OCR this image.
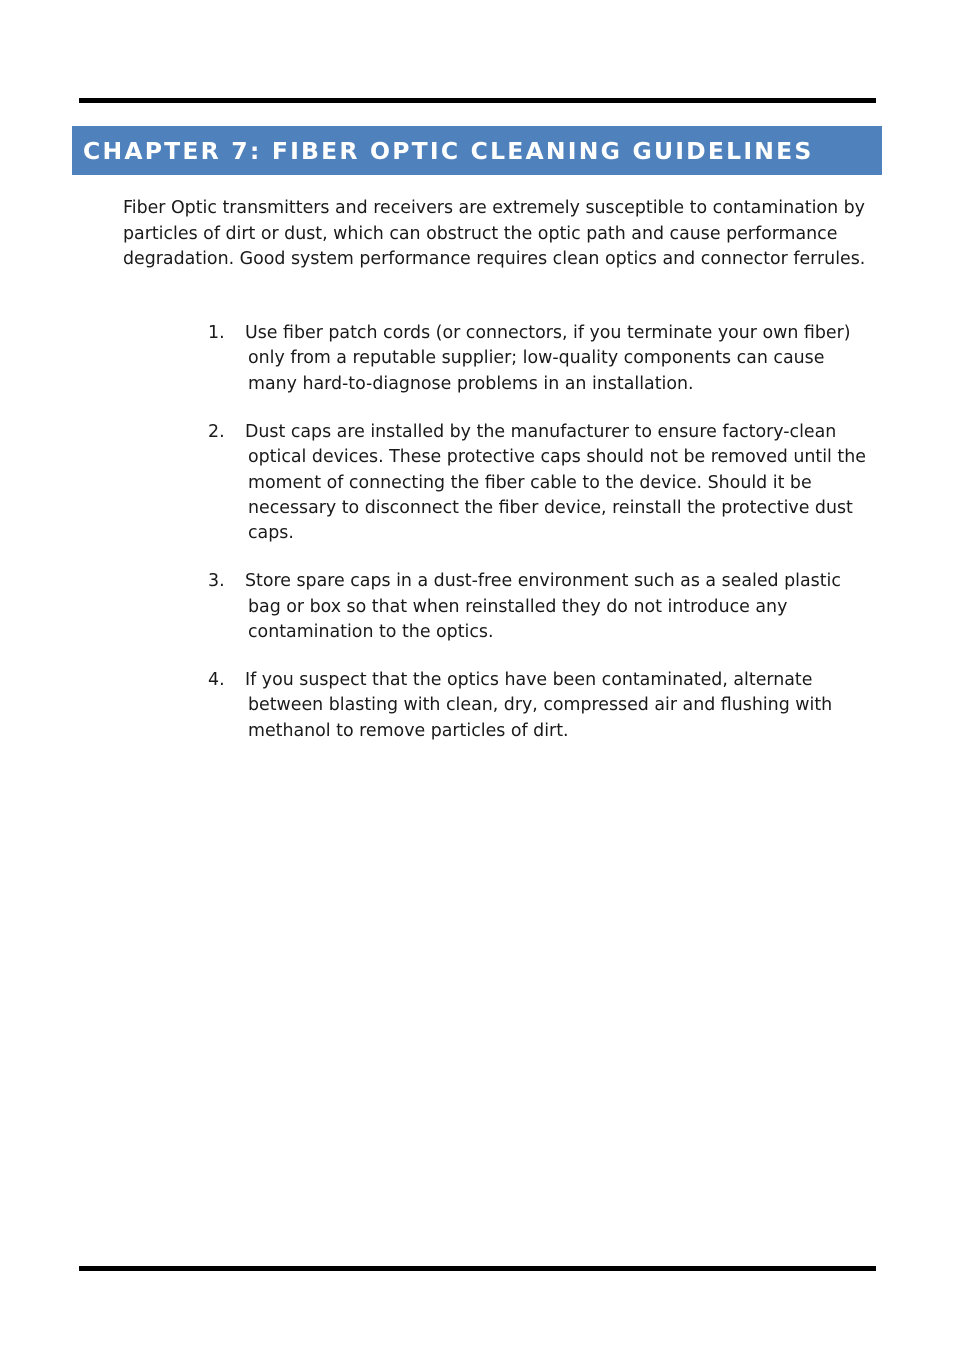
CHAPTER 7: FIBER OPTIC CLEANING GUIDELINES

Fiber Optic transmitters and receivers are extremely susceptible to contamination by particles of dirt or dust, which can obstruct the optic path and cause performance degradation. Good system performance requires clean optics and connector ferrules.

1. Use fiber patch cords (or connectors, if you terminate your own fiber) only from a reputable supplier; low-quality components can cause many hard-to-diagnose problems in an installation.
2. Dust caps are installed by the manufacturer to ensure factory-clean optical devices. These protective caps should not be removed until the moment of connecting the fiber cable to the device. Should it be necessary to disconnect the fiber device, reinstall the protective dust caps.
3. Store spare caps in a dust-free environment such as a sealed plastic bag or box so that when reinstalled they do not introduce any contamination to the optics.
4. If you suspect that the optics have been contaminated, alternate between blasting with clean, dry, compressed air and flushing with methanol to remove particles of dirt.
